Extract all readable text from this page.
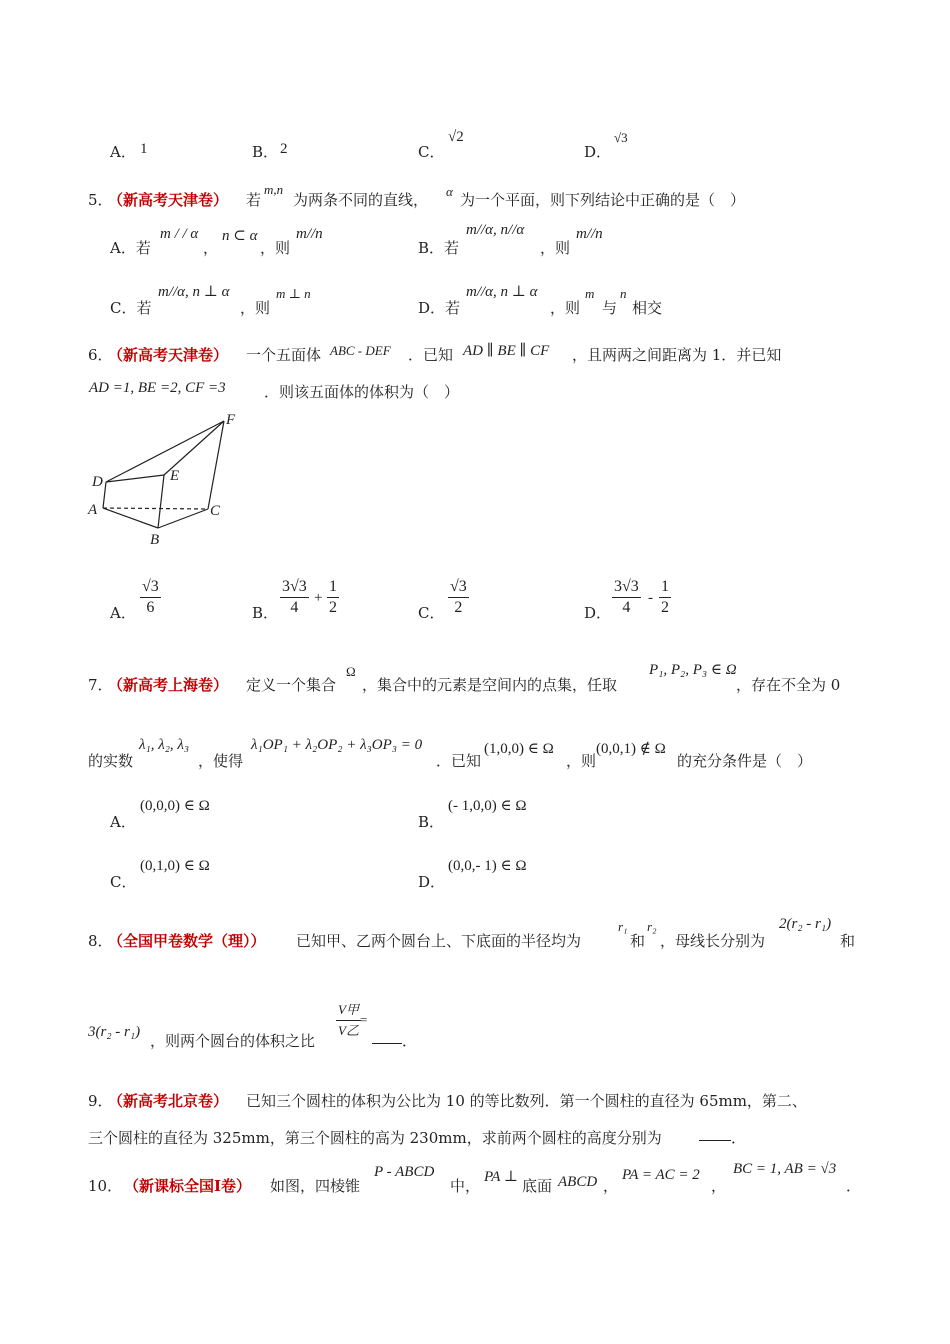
A． 1	B． 2	C．
√2
D．
√3
5．
（新高考天津卷） 若
m,n
为两条不同的直线， α 为一个平面，则下列结论中正确的是（　）
A．若
m / / α
，
n ⊂ α
，则
m//n
B．若
m//α, n//α
，则
m//n
C．若
m//α, n ⊥ α
，则
m ⊥ n
D．若
m//α, n ⊥ α
，则
m
与
n
相交
6．
（新高考天津卷） 一个五面体 ABC - DEF ．已知 AD ∥ BE ∥ CF ，且两两之间距离为 1．并已知
AD =1, BE =2, CF =3	．则该五面体的体积为（　）
F
E
D
A	C
B
A． $\frac{√3}{6}$	B． $\frac{3√3}{4} + \frac{1}{2}$	C． $\frac{√3}{2}$	D． $\frac{3√3}{4} - \frac{1}{2}$
7．
（新高考上海卷） 定义一个集合
Ω
，集合中的元素是空间内的点集，任取
P₁, P₂, P₃ ∈ Ω
，存在不全为 0
的实数
λ₁, λ₂, λ₃
，使得
λ₁OP₁ + λ₂OP₂ + λ₃OP₃ = 0
．已知
(1,0,0) ∈ Ω
，则
(0,0,1) ∉ Ω
的充分条件是（　）
A．
(0,0,0) ∈ Ω
B．
(- 1,0,0) ∈ Ω
C．
(0,1,0) ∈ Ω
D．
(0,0,- 1) ∈ Ω
8．
（全国甲卷数学（理）） 已知甲、乙两个圆台上、下底面的半径均为
r₁
和
r₂
，母线长分别为
2(r₂ - r₁)
和
3(r₂ - r₁) ，则两个圆台的体积之比
V甲
V乙
=
．
9．
（新高考北京卷） 已知三个圆柱的体积为公比为 10 的等比数列．第一个圆柱的直径为 65mm，第二、
三个圆柱的直径为 325mm，第三个圆柱的高为 230mm，求前两个圆柱的高度分别为	．
10． （新课标全国Ⅰ卷） 如图，四棱锥
P - ABCD
中， PA ⊥ 底面 ABCD ，
PA = AC = 2
，
BC = 1, AB = √3
．
